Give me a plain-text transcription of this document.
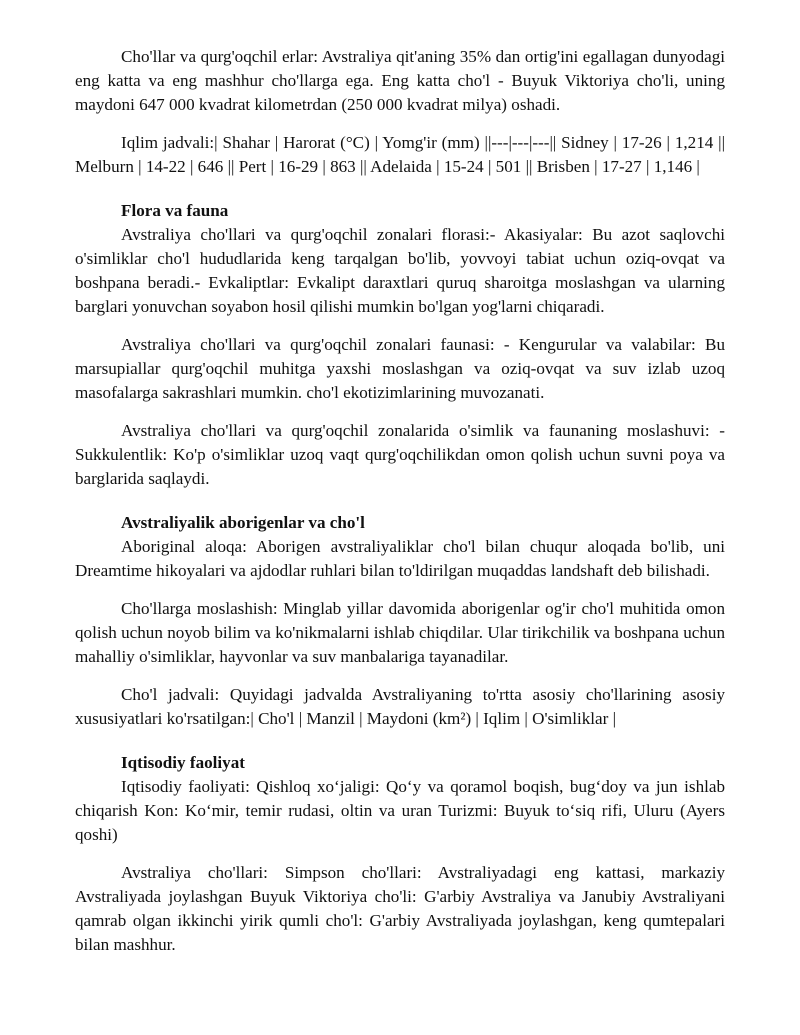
Cho'llar va qurg'oqchil erlar: Avstraliya qit'aning 35% dan ortig'ini egallagan dunyodagi eng katta va eng mashhur cho'llarga ega. Eng katta cho'l - Buyuk Viktoriya cho'li, uning maydoni 647 000 kvadrat kilometrdan (250 000 kvadrat milya) oshadi.

Iqlim jadvali:| Shahar | Harorat (°C) | Yomg'ir (mm) ||---|---|---|| Sidney | 17-26 | 1,214 || Melburn | 14-22 | 646 || Pert | 16-29 | 863 || Adelaida | 15-24 | 501 || Brisben | 17-27 | 1,146 |

Flora va fauna

Avstraliya cho'llari va qurg'oqchil zonalari florasi:- Akasiyalar: Bu azot saqlovchi o'simliklar cho'l hududlarida keng tarqalgan bo'lib, yovvoyi tabiat uchun oziq-ovqat va boshpana beradi.- Evkaliptlar: Evkalipt daraxtlari quruq sharoitga moslashgan va ularning barglari yonuvchan soyabon hosil qilishi mumkin bo'lgan yog'larni chiqaradi.

Avstraliya cho'llari va qurg'oqchil zonalari faunasi: - Kengurular va valabilar: Bu marsupiallar qurg'oqchil muhitga yaxshi moslashgan va oziq-ovqat va suv izlab uzoq masofalarga sakrashlari mumkin. cho'l ekotizimlarining muvozanati.

Avstraliya cho'llari va qurg'oqchil zonalarida o'simlik va faunaning moslashuvi: - Sukkulentlik: Ko'p o'simliklar uzoq vaqt qurg'oqchilikdan omon qolish uchun suvni poya va barglarida saqlaydi.

Avstraliyalik aborigenlar va cho'l

Aboriginal aloqa: Aborigen avstraliyaliklar cho'l bilan chuqur aloqada bo'lib, uni Dreamtime hikoyalari va ajdodlar ruhlari bilan to'ldirilgan muqaddas landshaft deb bilishadi.

Cho'llarga moslashish: Minglab yillar davomida aborigenlar og'ir cho'l muhitida omon qolish uchun noyob bilim va ko'nikmalarni ishlab chiqdilar. Ular tirikchilik va boshpana uchun mahalliy o'simliklar, hayvonlar va suv manbalariga tayanadilar.

Cho'l jadvali: Quyidagi jadvalda Avstraliyaning to'rtta asosiy cho'llarining asosiy xususiyatlari ko'rsatilgan:| Cho'l | Manzil | Maydoni (km²) | Iqlim | O'simliklar |

Iqtisodiy faoliyat

Iqtisodiy faoliyati: Qishloq xoʻjaligi: Qoʻy va qoramol boqish, bugʻdoy va jun ishlab chiqarish Kon: Koʻmir, temir rudasi, oltin va uran Turizmi: Buyuk toʻsiq rifi, Uluru (Ayers qoshi)

Avstraliya cho'llari: Simpson cho'llari: Avstraliyadagi eng kattasi, markaziy Avstraliyada joylashgan Buyuk Viktoriya cho'li: G'arbiy Avstraliya va Janubiy Avstraliyani qamrab olgan ikkinchi yirik qumli cho'l: G'arbiy Avstraliyada joylashgan, keng qumtepalari bilan mashhur.
